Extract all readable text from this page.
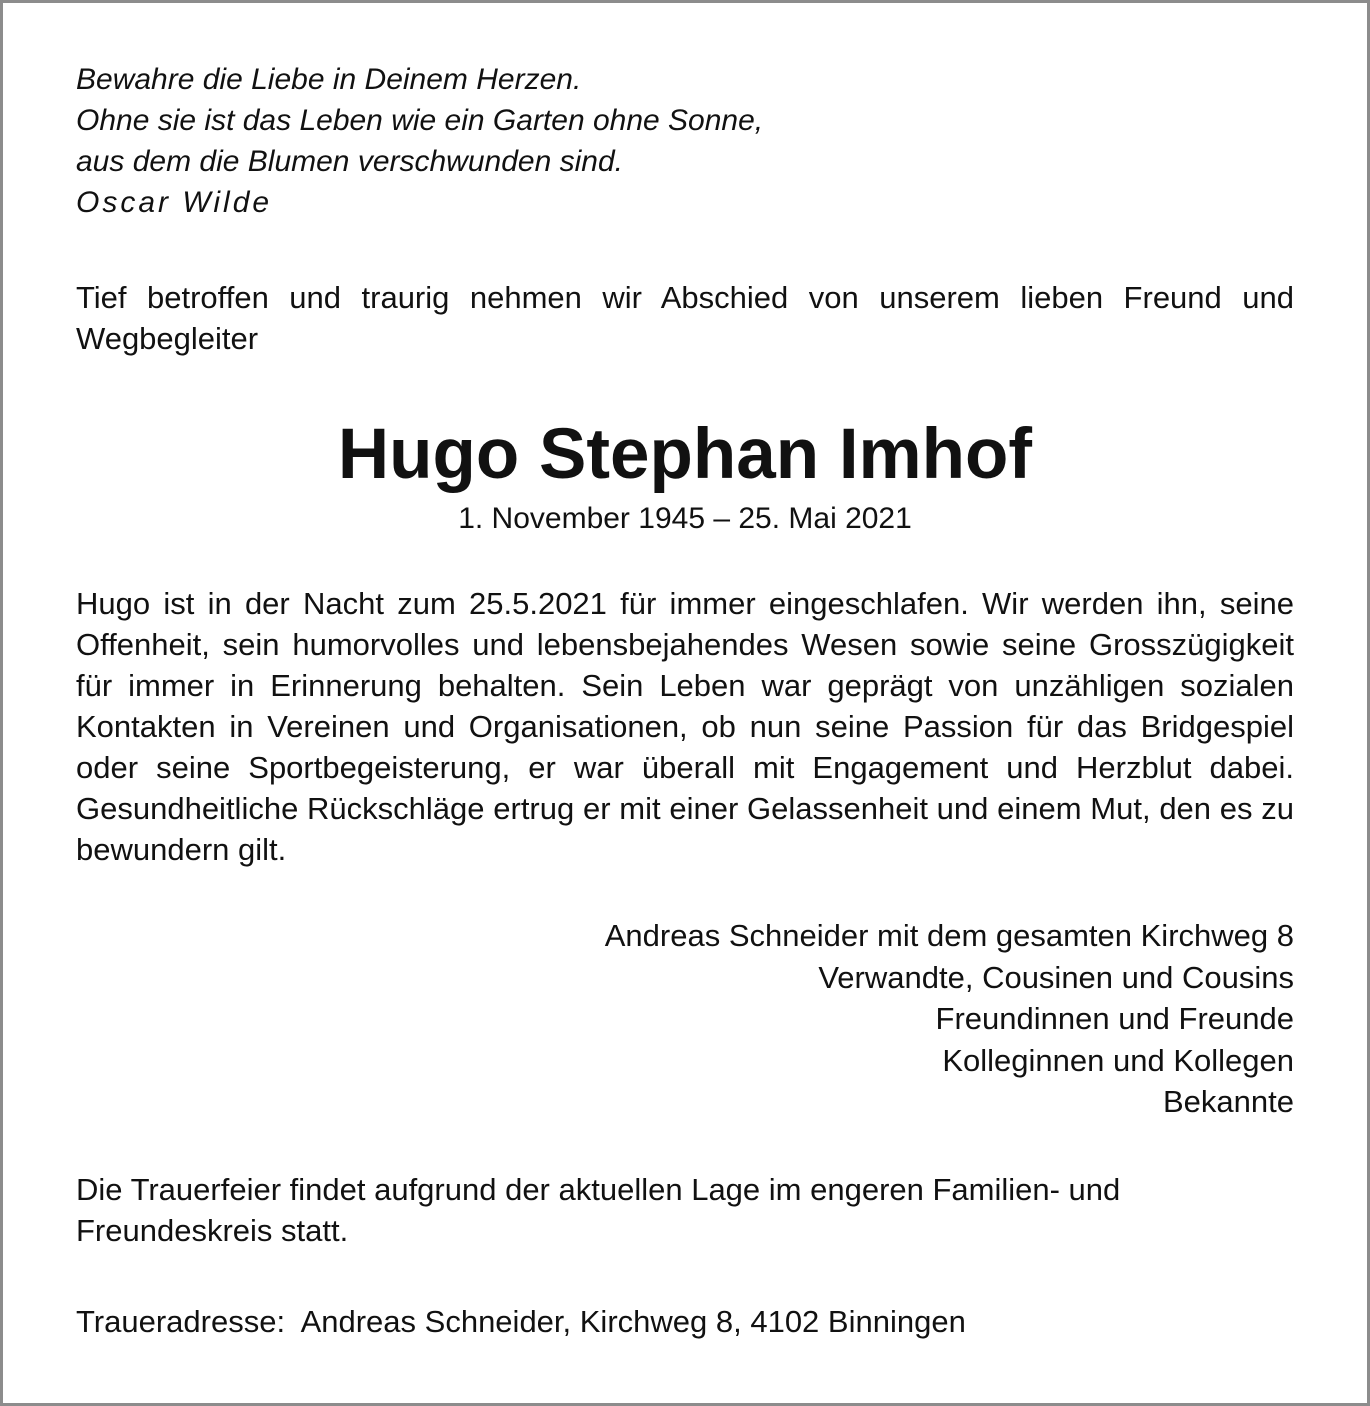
Bewahre die Liebe in Deinem Herzen.
Ohne sie ist das Leben wie ein Garten ohne Sonne,
aus dem die Blumen verschwunden sind.
Oscar Wilde
Tief betroffen und traurig nehmen wir Abschied von unserem lieben Freund und Wegbegleiter
Hugo Stephan Imhof
1. November 1945 – 25. Mai 2021
Hugo ist in der Nacht zum 25.5.2021 für immer eingeschlafen. Wir werden ihn, seine Offenheit, sein humorvolles und lebensbejahendes Wesen sowie seine Grosszügigkeit für immer in Erinnerung behalten. Sein Leben war geprägt von unzähligen sozialen Kontakten in Vereinen und Organisationen, ob nun seine Passion für das Bridgespiel oder seine Sportbegeisterung, er war überall mit Engagement und Herzblut dabei. Gesundheitliche Rückschläge ertrug er mit einer Gelassenheit und einem Mut, den es zu bewundern gilt.
Andreas Schneider mit dem gesamten Kirchweg 8
Verwandte, Cousinen und Cousins
Freundinnen und Freunde
Kolleginnen und Kollegen
Bekannte
Die Trauerfeier findet aufgrund der aktuellen Lage im engeren Familien- und Freundeskreis statt.
Traueradresse: Andreas Schneider, Kirchweg 8, 4102 Binningen
